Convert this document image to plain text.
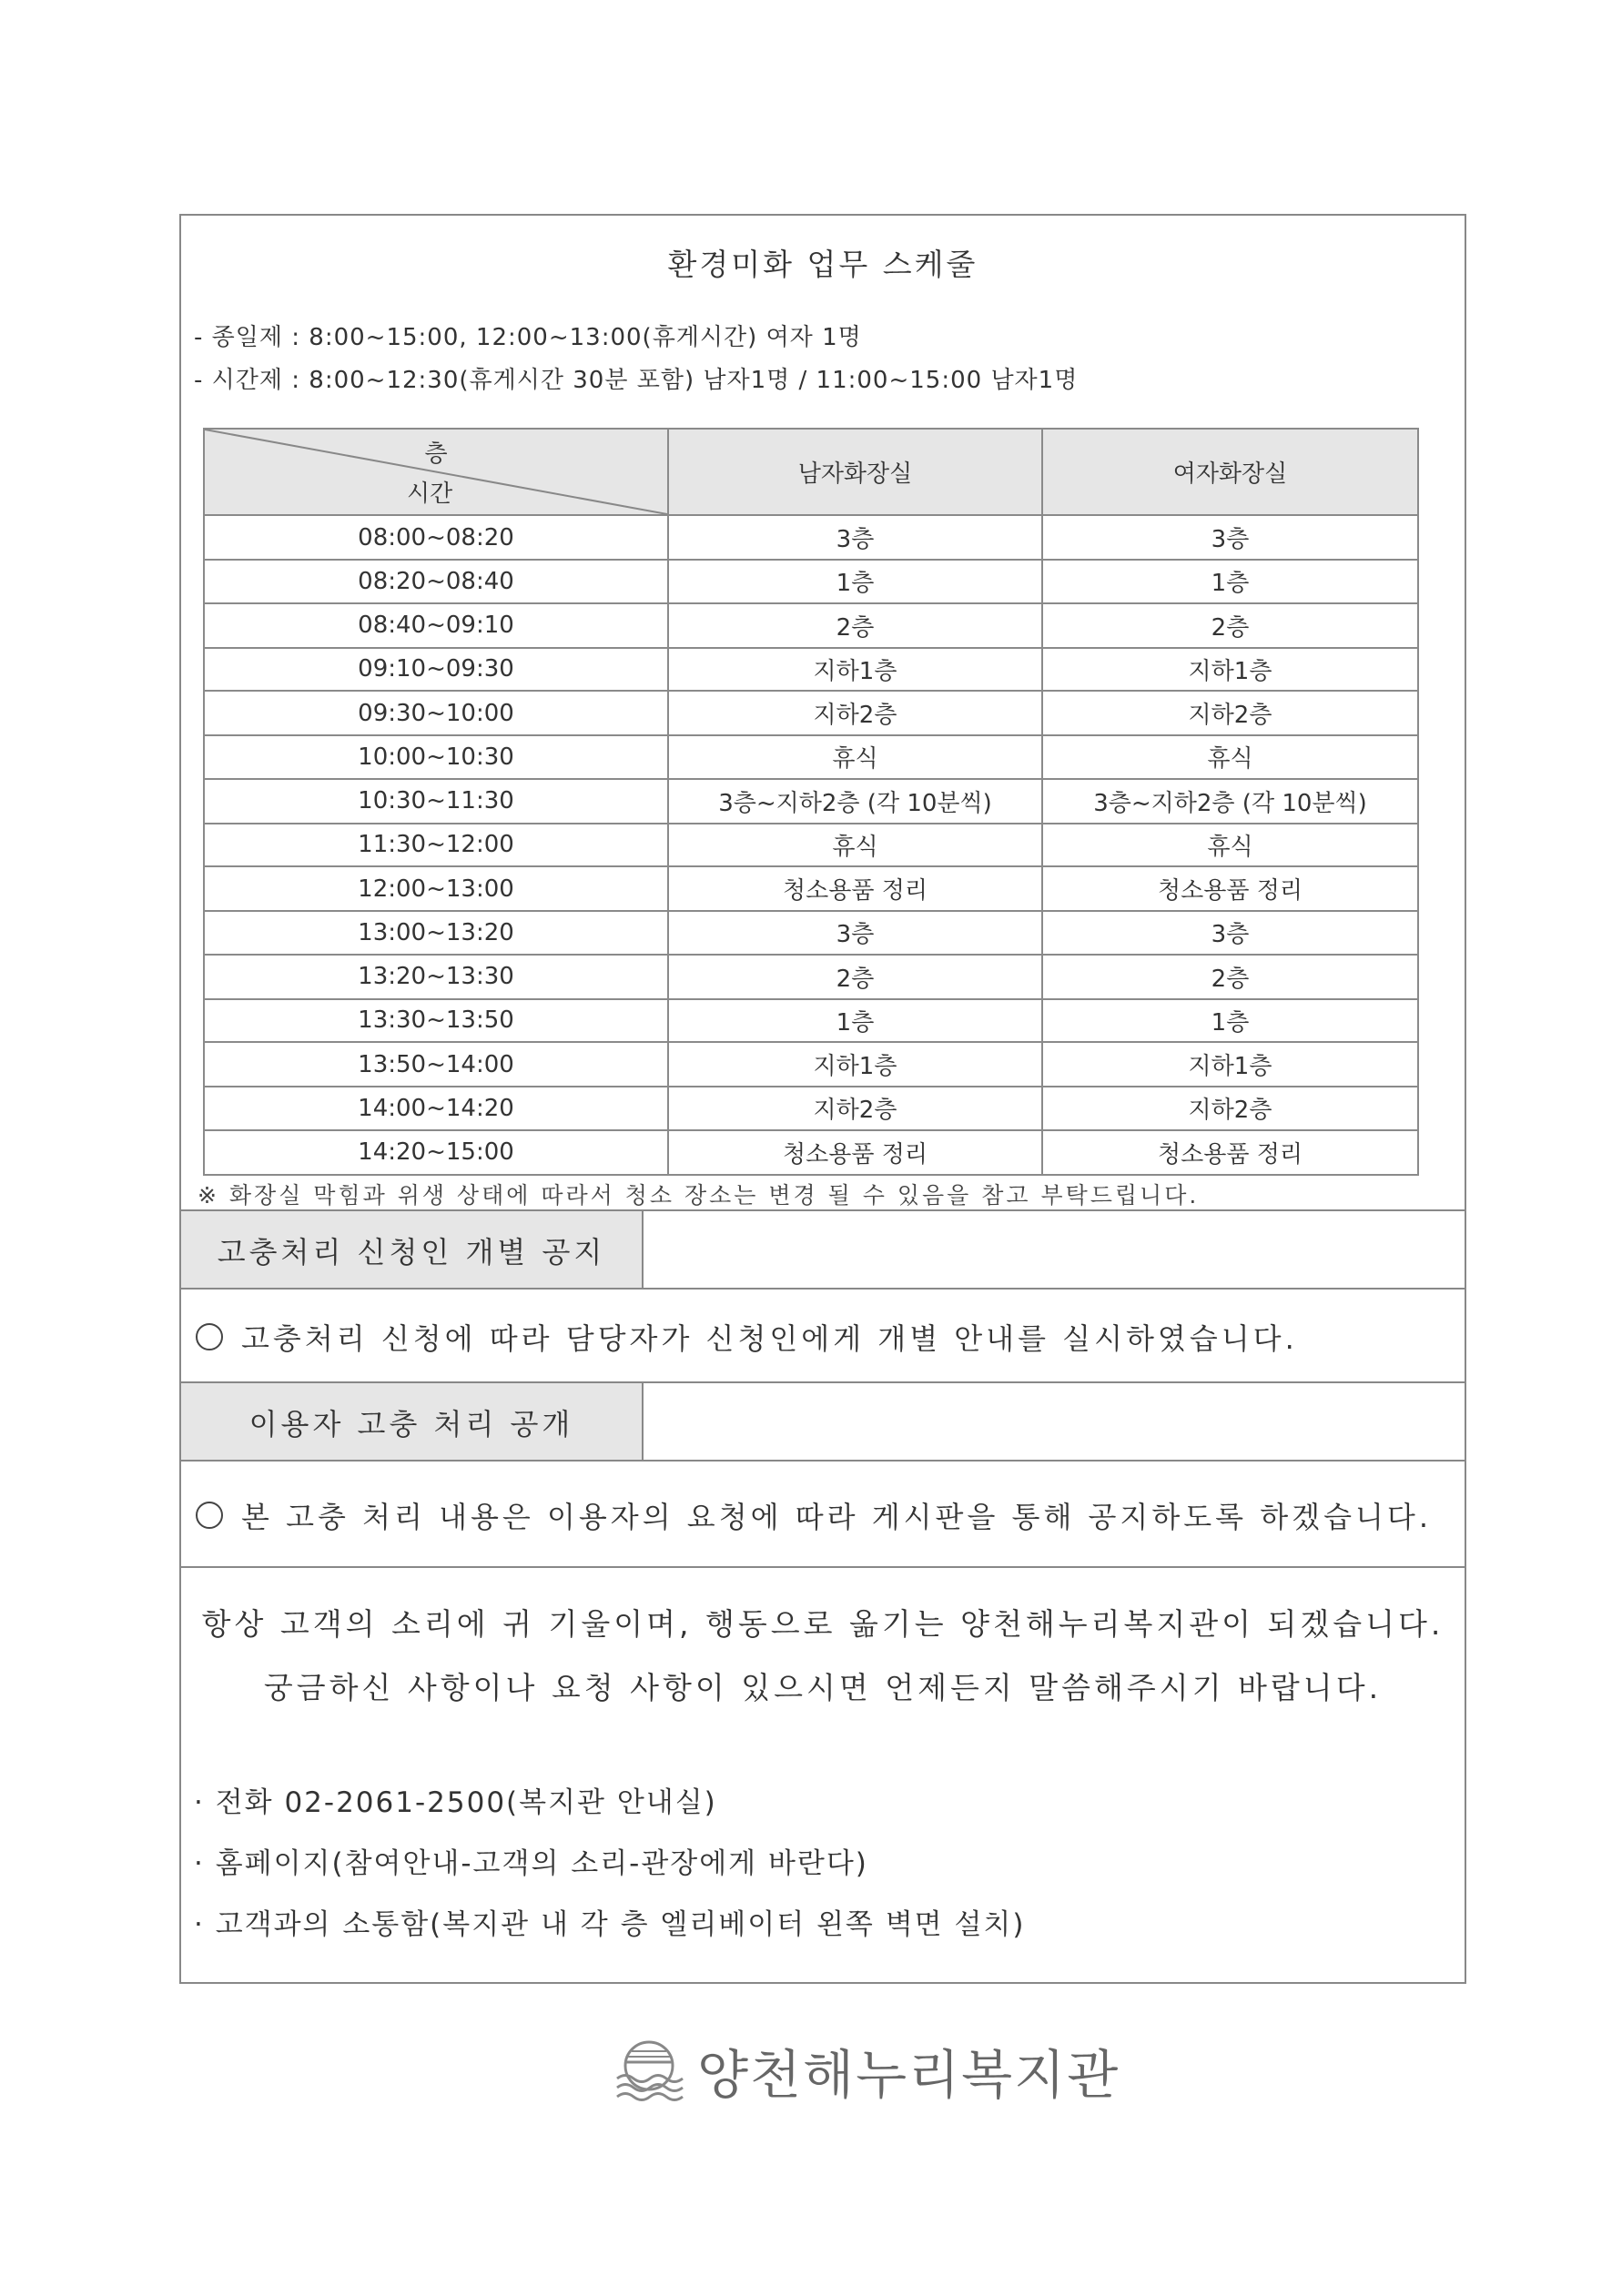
환경미화 업무 스케줄
- 종일제 : 8:00~15:00, 12:00~13:00(휴게시간) 여자 1명
- 시간제 : 8:00~12:30(휴게시간 30분 포함) 남자1명 / 11:00~15:00 남자1명
층
시간	남자화장실	여자화장실
08:00~08:20	3층	3층
08:20~08:40	1층	1층
08:40~09:10	2층	2층
09:10~09:30	지하1층	지하1층
09:30~10:00	지하2층	지하2층
10:00~10:30	휴식	휴식
10:30~11:30	3층~지하2층 (각 10분씩)	3층~지하2층 (각 10분씩)
11:30~12:00	휴식	휴식
12:00~13:00	청소용품 정리	청소용품 정리
13:00~13:20	3층	3층
13:20~13:30	2층	2층
13:30~13:50	1층	1층
13:50~14:00	지하1층	지하1층
14:00~14:20	지하2층	지하2층
14:20~15:00	청소용품 정리	청소용품 정리
※ 화장실 막힘과 위생 상태에 따라서 청소 장소는 변경 될 수 있음을 참고 부탁드립니다.
고충처리 신청인 개별 공지
고충처리 신청에 따라 담당자가 신청인에게 개별 안내를 실시하였습니다.
이용자 고충 처리 공개
본 고충 처리 내용은 이용자의 요청에 따라 게시판을 통해 공지하도록 하겠습니다.
항상 고객의 소리에 귀 기울이며, 행동으로 옮기는 양천해누리복지관이 되겠습니다.
궁금하신 사항이나 요청 사항이 있으시면 언제든지 말씀해주시기 바랍니다.
· 전화 02-2061-2500(복지관 안내실)
· 홈페이지(참여안내-고객의 소리-관장에게 바란다)
· 고객과의 소통함(복지관 내 각 층 엘리베이터 왼쪽 벽면 설치)
양천해누리복지관
